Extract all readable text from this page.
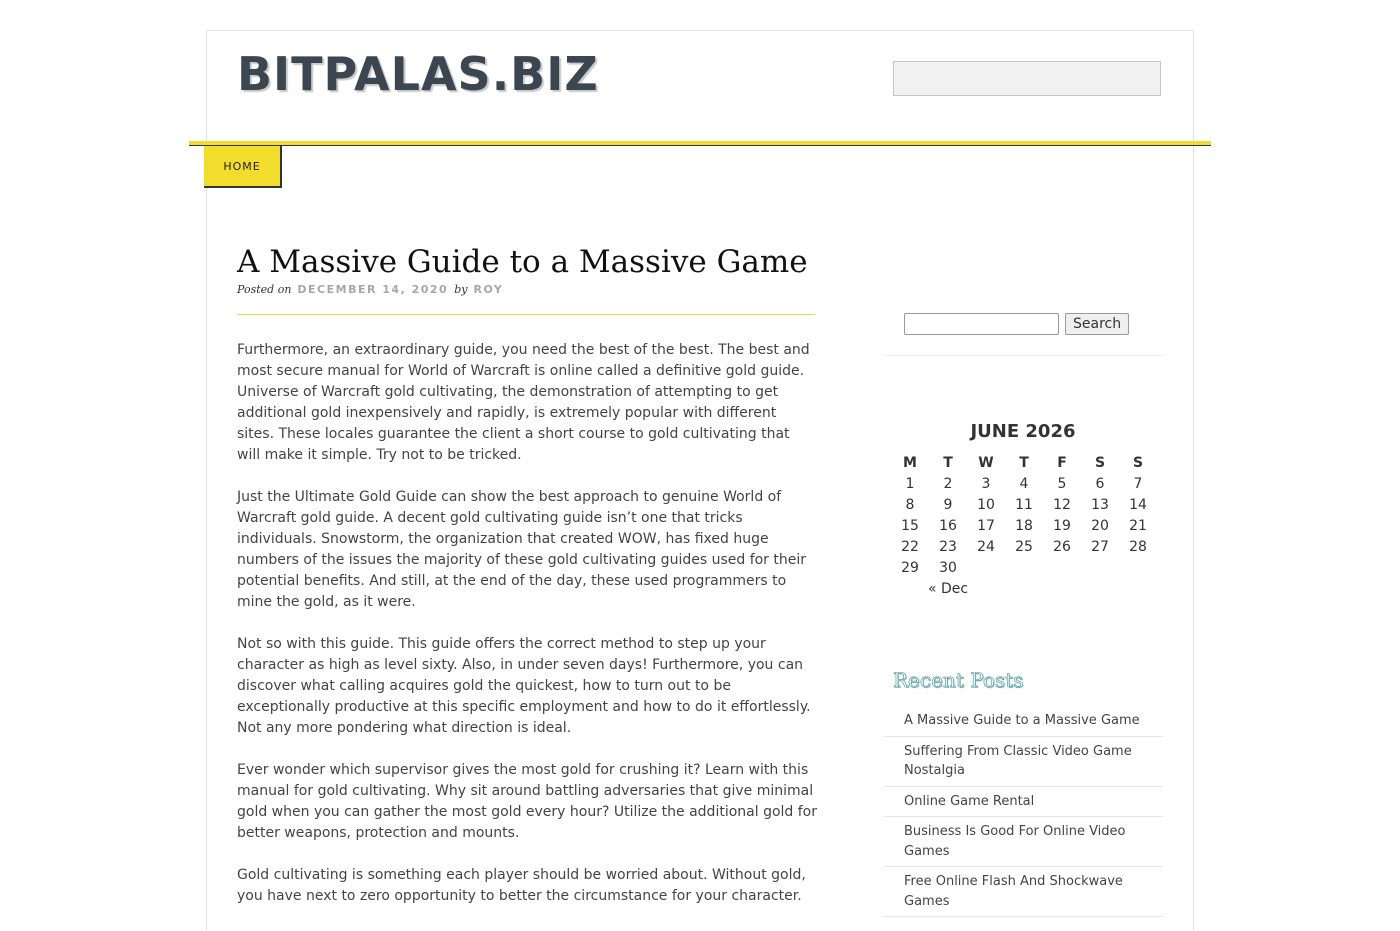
BITPALAS.BIZ
HOME
A Massive Guide to a Massive Game
Posted on DECEMBER 14, 2020 by ROY

Furthermore, an extraordinary guide, you need the best of the best. The best and most secure manual for World of Warcraft is online called a definitive gold guide. Universe of Warcraft gold cultivating, the demonstration of attempting to get additional gold inexpensively and rapidly, is extremely popular with different sites. These locales guarantee the client a short course to gold cultivating that will make it simple. Try not to be tricked.

Just the Ultimate Gold Guide can show the best approach to genuine World of Warcraft gold guide. A decent gold cultivating guide isn’t one that tricks individuals. Snowstorm, the organization that created WOW, has fixed huge numbers of the issues the majority of these gold cultivating guides used for their potential benefits. And still, at the end of the day, these used programmers to mine the gold, as it were.

Not so with this guide. This guide offers the correct method to step up your character as high as level sixty. Also, in under seven days! Furthermore, you can discover what calling acquires gold the quickest, how to turn out to be exceptionally productive at this specific employment and how to do it effortlessly. Not any more pondering what direction is ideal.

Ever wonder which supervisor gives the most gold for crushing it? Learn with this manual for gold cultivating. Why sit around battling adversaries that give minimal gold when you can gather the most gold every hour? Utilize the additional gold for better weapons, protection and mounts.

Gold cultivating is something each player should be worried about. Without gold, you have next to zero opportunity to better the circumstance for your character.

Search
JUNE 2026
M	T	W	T	F	S	S
1	2	3	4	5	6	7
8	9	10	11	12	13	14
15	16	17	18	19	20	21
22	23	24	25	26	27	28
29	30					
« Dec
Recent Posts
A Massive Guide to a Massive Game
Suffering From Classic Video Game Nostalgia
Online Game Rental
Business Is Good For Online Video Games
Free Online Flash And Shockwave Games
